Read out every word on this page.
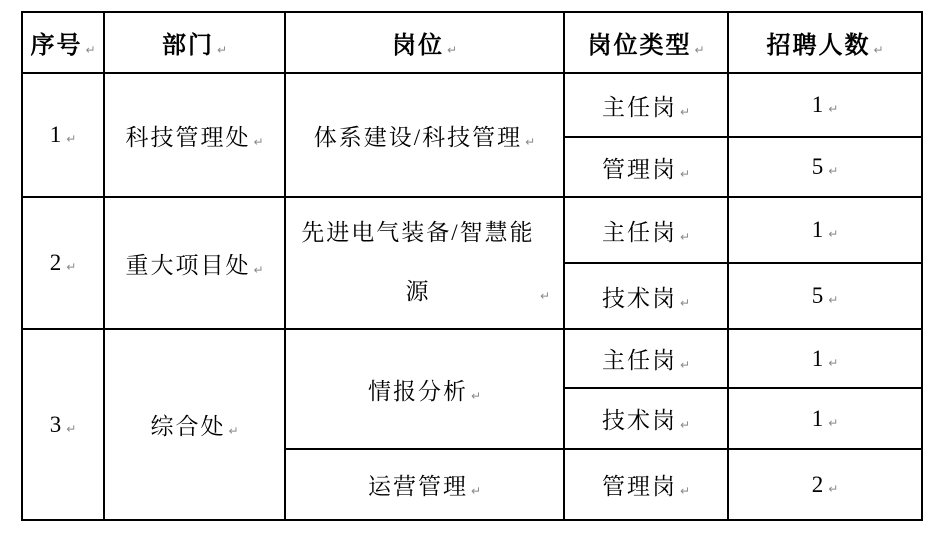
序号 ↵	部门 ↵	岗位 ↵	岗位类型 ↵	招聘人数 ↵
1 ↵	科技管理处 ↵	体系建设/科技管理 ↵	主任岗 ↵	1 ↵
			管理岗 ↵	5 ↵
2 ↵	重大项目处 ↵	先进电气装备/智慧能源 ↵	主任岗 ↵	1 ↵
			技术岗 ↵	5 ↵
3 ↵	综合处 ↵	情报分析 ↵	主任岗 ↵	1 ↵
			技术岗 ↵	1 ↵
		运营管理 ↵	管理岗 ↵	2 ↵
